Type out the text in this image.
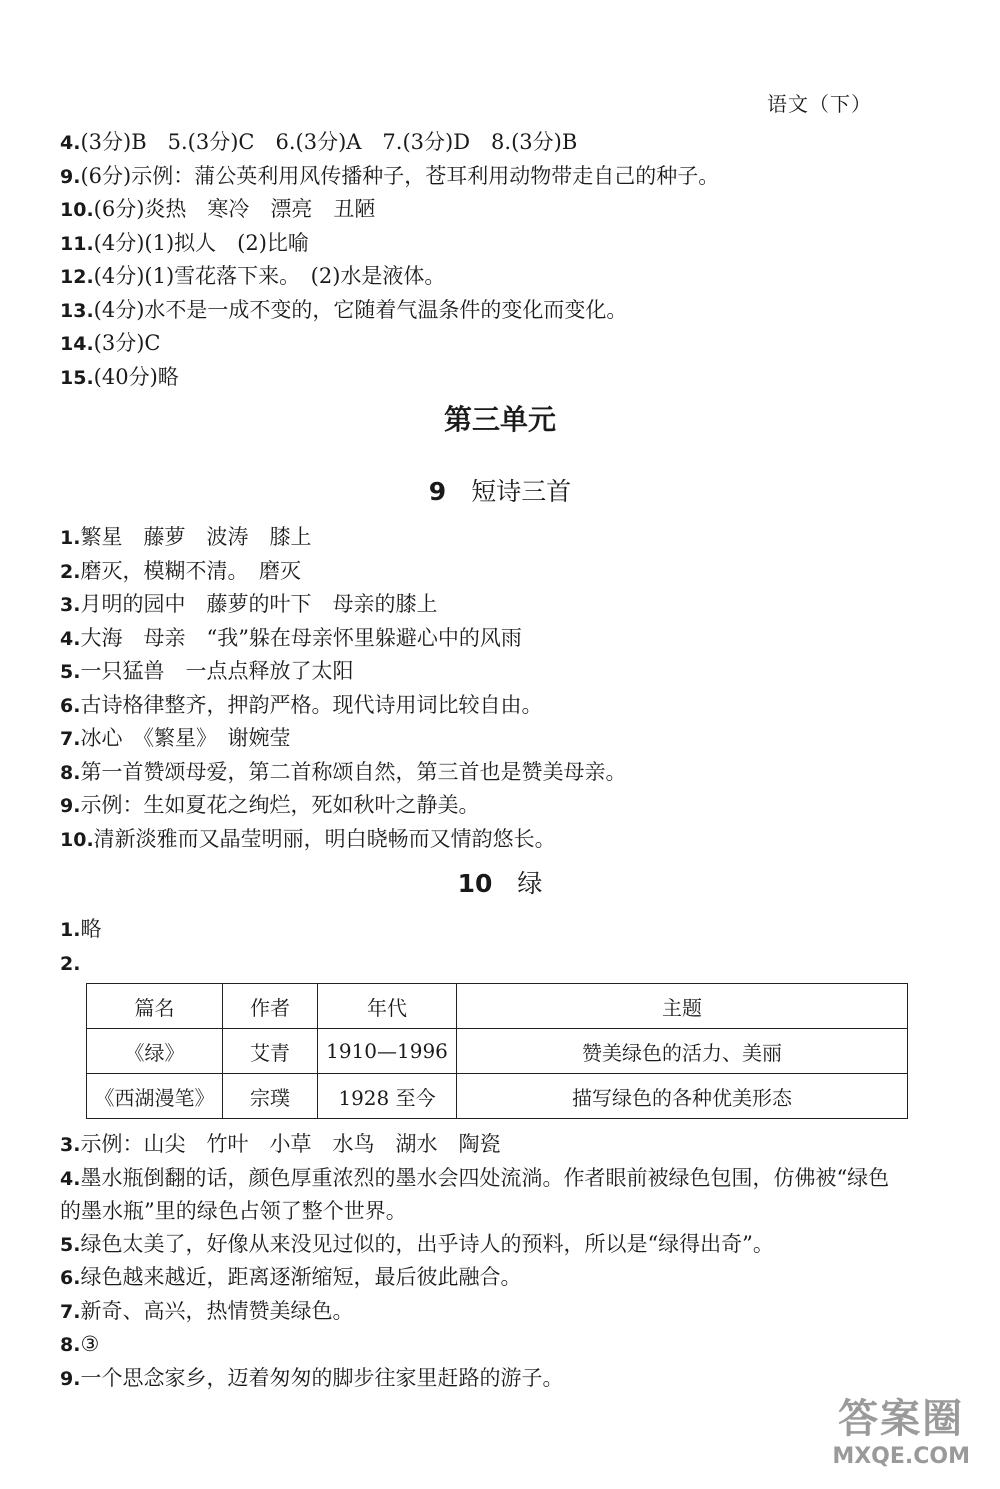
语文（下）
4.(3分)B　5.(3分)C　6.(3分)A　7.(3分)D　8.(3分)B
9.(6分)示例：蒲公英利用风传播种子，苍耳利用动物带走自己的种子。
10.(6分)炎热　寒冷　漂亮　丑陋
11.(4分)(1)拟人　(2)比喻
12.(4分)(1)雪花落下来。　(2)水是液体。
13.(4分)水不是一成不变的，它随着气温条件的变化而变化。
14.(3分)C
15.(40分)略
第三单元
9　 短诗三首
1.繁星　藤萝　波涛　膝上
2.磨灭，模糊不清。　磨灭
3.月明的园中　藤萝的叶下　母亲的膝上
4.大海　母亲　“我”躲在母亲怀里躲避心中的风雨
5.一只猛兽　一点点释放了太阳
6.古诗格律整齐，押韵严格。现代诗用词比较自由。
7.冰心　《繁星》　谢婉莹
8.第一首赞颂母爱，第二首称颂自然，第三首也是赞美母亲。
9.示例：生如夏花之绚烂，死如秋叶之静美。
10.清新淡雅而又晶莹明丽，明白晓畅而又情韵悠长。
10　 绿
1.略
2.
篇名	作者	年代	主题
《绿》	艾青	1910—1996	赞美绿色的活力、美丽
《西湖漫笔》	宗璞	1928 至今	描写绿色的各种优美形态
3.示例：山尖　竹叶　小草　水鸟　湖水　陶瓷
4.墨水瓶倒翻的话，颜色厚重浓烈的墨水会四处流淌。作者眼前被绿色包围，仿佛被“绿色的墨水瓶”里的绿色占领了整个世界。
5.绿色太美了，好像从来没见过似的，出乎诗人的预料，所以是“绿得出奇”。
6.绿色越来越近，距离逐渐缩短，最后彼此融合。
7.新奇、高兴，热情赞美绿色。
8.③
9.一个思念家乡，迈着匆匆的脚步往家里赶路的游子。
答案圈
MXQE.COM
